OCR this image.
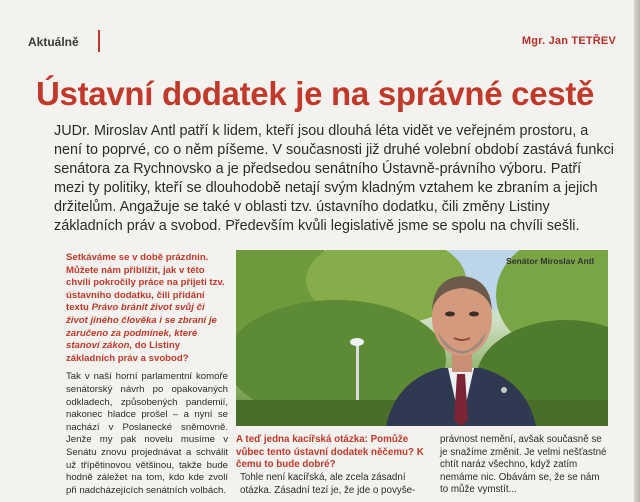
Aktuálně	Mgr. Jan TETŘEV
Ústavní dodatek je na správné cestě

JUDr. Miroslav Antl patří k lidem, kteří jsou dlouhá léta vidět ve veřejném prostoru, a není to poprvé, co o něm píšeme. V současnosti již druhé volební období zastává funkci senátora za Rychnovsko a je předsedou senátního Ústavně-právního výboru. Patří mezi ty politiky, kteří se dlouhodobě netají svým kladným vztahem ke zbraním a jejich držitelům. Angažuje se také v oblasti tzv. ústavního dodatku, čili změny Listiny základních práv a svobod. Především kvůli legislativě jsme se spolu na chvíli sešli.

Setkáváme se v době prázdnin. Můžete nám přiblížit, jak v této chvíli pokročily práce na přijetí tzv. ústavního dodatku, čili přidání textu Právo bránit život svůj či život jiného člověka i se zbraní je zaručeno za podmínek, které stanoví zákon, do Listiny základních práv a svobod?

Tak v naší horní parlamentní komoře senátorský návrh po opakovaných odkladech, způsobených pandemií, nakonec hladce prošel – a nyní se nachází v Poslanecké sněmovně. Jenže my pak novelu musíme v Senátu znovu projednávat a schválit už třípětinovou většinou, takže bude hodně záležet na tom, kdo kde zvolí při nadcházejících senátních volbách.

Senátor Miroslav Antl
A teď jedna kacířská otázka: Pomůže vůbec tento ústavní dodatek něčemu? K čemu to bude dobré?
Tohle není kacířská, ale zcela zásadní otázka. Zásadní tezí je, že jde o povyše-
právnost nemění, avšak současně se je snažíme změnit. Je velmi nešťastné chtít naráz všechno, když zatím nemáme nic. Obávám se, že se nám to může vymstít...
